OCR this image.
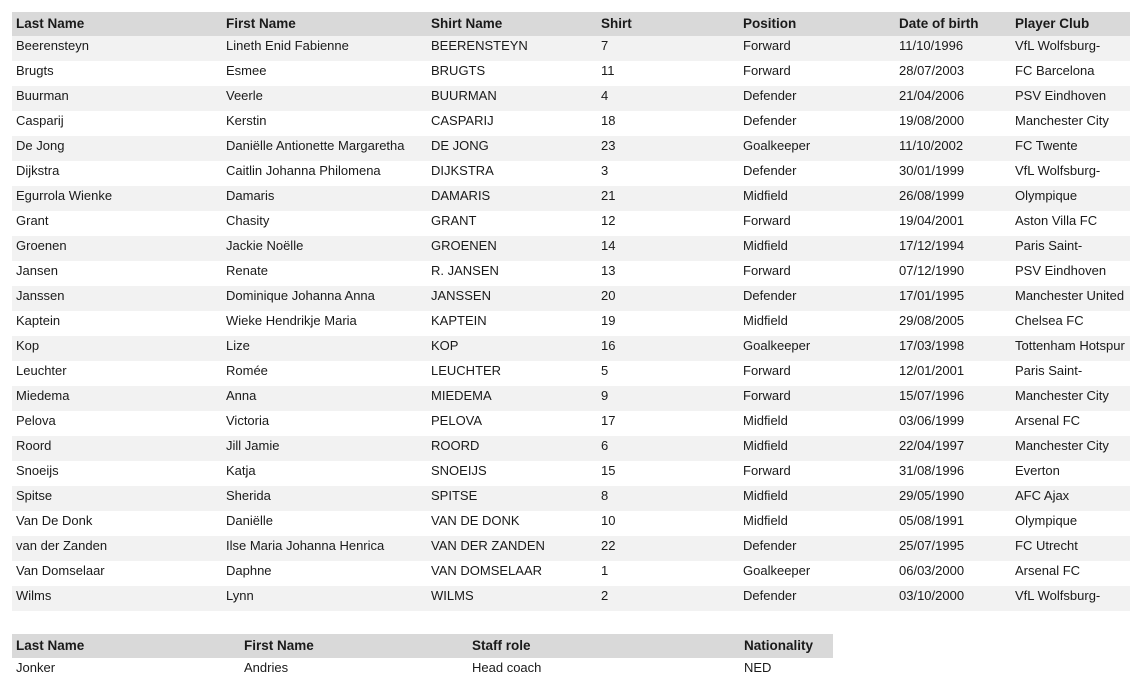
Last Name	First Name	Shirt Name	Shirt	Position	Date of birth	Player Club
Beerensteyn	Lineth Enid Fabienne	BEERENSTEYN	7	Forward	11/10/1996	VfL Wolfsburg-
Brugts	Esmee	BRUGTS	11	Forward	28/07/2003	FC Barcelona
Buurman	Veerle	BUURMAN	4	Defender	21/04/2006	PSV Eindhoven
Casparij	Kerstin	CASPARIJ	18	Defender	19/08/2000	Manchester City
De Jong	Daniëlle Antionette Margaretha	DE JONG	23	Goalkeeper	11/10/2002	FC Twente
Dijkstra	Caitlin Johanna Philomena	DIJKSTRA	3	Defender	30/01/1999	VfL Wolfsburg-
Egurrola Wienke	Damaris	DAMARIS	21	Midfield	26/08/1999	Olympique
Grant	Chasity	GRANT	12	Forward	19/04/2001	Aston Villa FC
Groenen	Jackie Noëlle	GROENEN	14	Midfield	17/12/1994	Paris Saint-
Jansen	Renate	R. JANSEN	13	Forward	07/12/1990	PSV Eindhoven
Janssen	Dominique Johanna Anna	JANSSEN	20	Defender	17/01/1995	Manchester United
Kaptein	Wieke Hendrikje Maria	KAPTEIN	19	Midfield	29/08/2005	Chelsea FC
Kop	Lize	KOP	16	Goalkeeper	17/03/1998	Tottenham Hotspur
Leuchter	Romée	LEUCHTER	5	Forward	12/01/2001	Paris Saint-
Miedema	Anna	MIEDEMA	9	Forward	15/07/1996	Manchester City
Pelova	Victoria	PELOVA	17	Midfield	03/06/1999	Arsenal FC
Roord	Jill Jamie	ROORD	6	Midfield	22/04/1997	Manchester City
Snoeijs	Katja	SNOEIJS	15	Forward	31/08/1996	Everton
Spitse	Sherida	SPITSE	8	Midfield	29/05/1990	AFC Ajax
Van De Donk	Daniëlle	VAN DE DONK	10	Midfield	05/08/1991	Olympique
van der Zanden	Ilse Maria Johanna Henrica	VAN DER ZANDEN	22	Defender	25/07/1995	FC Utrecht
Van Domselaar	Daphne	VAN DOMSELAAR	1	Goalkeeper	06/03/2000	Arsenal FC
Wilms	Lynn	WILMS	2	Defender	03/10/2000	VfL Wolfsburg-
Last Name	First Name	Staff role	Nationality
Jonker	Andries	Head coach	NED
